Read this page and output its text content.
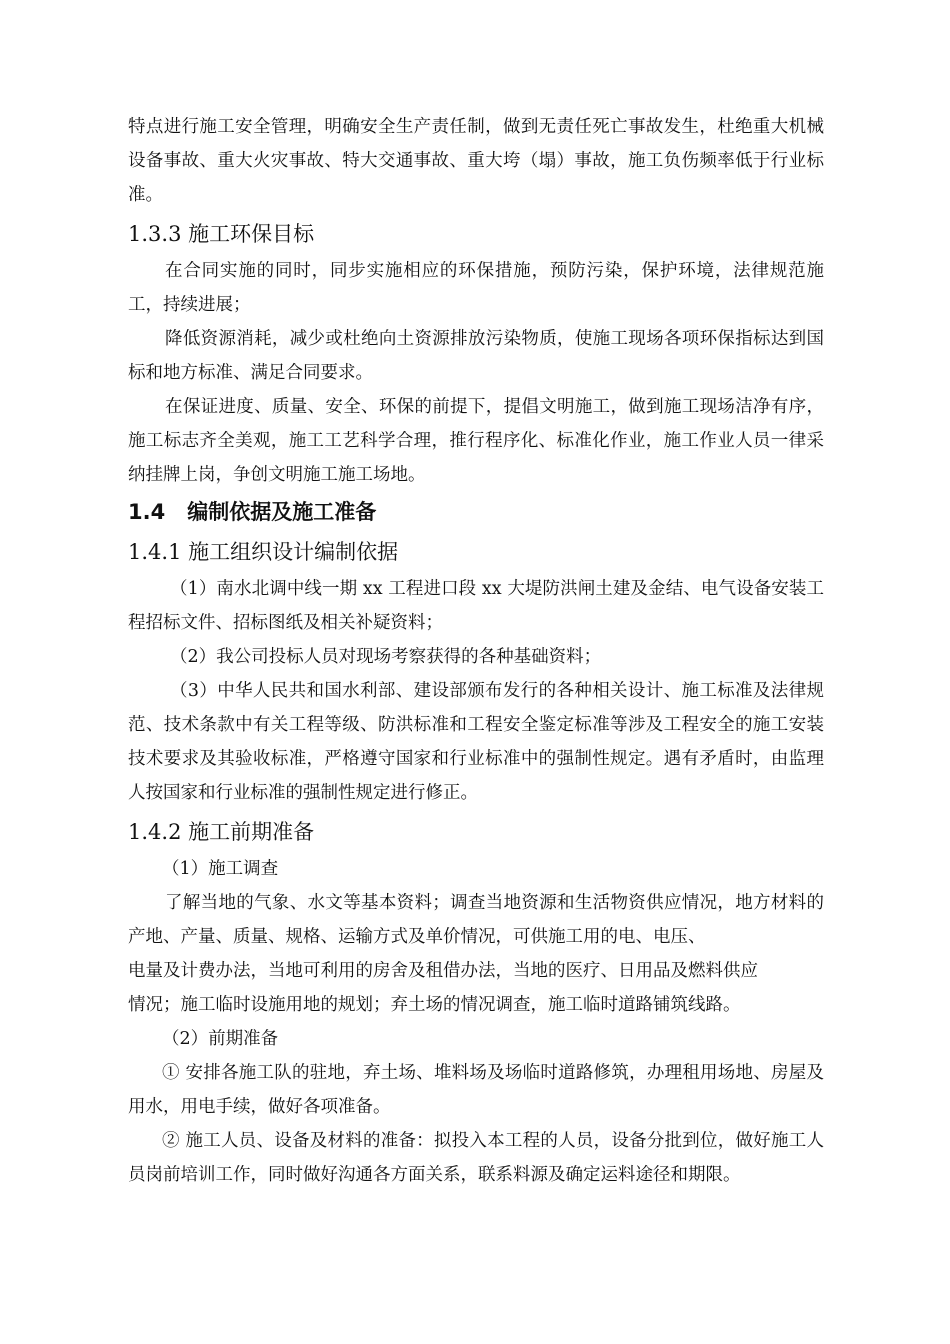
特点进行施工安全管理，明确安全生产责任制，做到无责任死亡事故发生，杜绝重大机械设备事故、重大火灾事故、特大交通事故、重大垮（塌）事故，施工负伤频率低于行业标准。

1.3.3 施工环保目标

在合同实施的同时，同步实施相应的环保措施，预防污染，保护环境，法律规范施工，持续进展；

降低资源消耗，减少或杜绝向土资源排放污染物质，使施工现场各项环保指标达到国标和地方标准、满足合同要求。

在保证进度、质量、安全、环保的前提下，提倡文明施工，做到施工现场洁净有序，施工标志齐全美观，施工工艺科学合理，推行程序化、标准化作业，施工作业人员一律采纳挂牌上岗，争创文明施工施工场地。

1.4 编制依据及施工准备
1.4.1 施工组织设计编制依据

（1）南水北调中线一期 xx 工程进口段 xx 大堤防洪闸土建及金结、电气设备安装工程招标文件、招标图纸及相关补疑资料；

（2）我公司投标人员对现场考察获得的各种基础资料；

（3）中华人民共和国水利部、建设部颁布发行的各种相关设计、施工标准及法律规范、技术条款中有关工程等级、防洪标准和工程安全鉴定标准等涉及工程安全的施工安装技术要求及其验收标准，严格遵守国家和行业标准中的强制性规定。遇有矛盾时，由监理人按国家和行业标准的强制性规定进行修正。

1.4.2 施工前期准备

（1）施工调查

了解当地的气象、水文等基本资料；调查当地资源和生活物资供应情况，地方材料的产地、产量、质量、规格、运输方式及单价情况，可供施工用的电、电压、

电量及计费办法，当地可利用的房舍及租借办法，当地的医疗、日用品及燃料供应

情况；施工临时设施用地的规划；弃土场的情况调查，施工临时道路铺筑线路。

（2）前期准备

① 安排各施工队的驻地，弃土场、堆料场及场临时道路修筑，办理租用场地、房屋及用水，用电手续，做好各项准备。

② 施工人员、设备及材料的准备：拟投入本工程的人员，设备分批到位，做好施工人员岗前培训工作，同时做好沟通各方面关系，联系料源及确定运料途径和期限。
